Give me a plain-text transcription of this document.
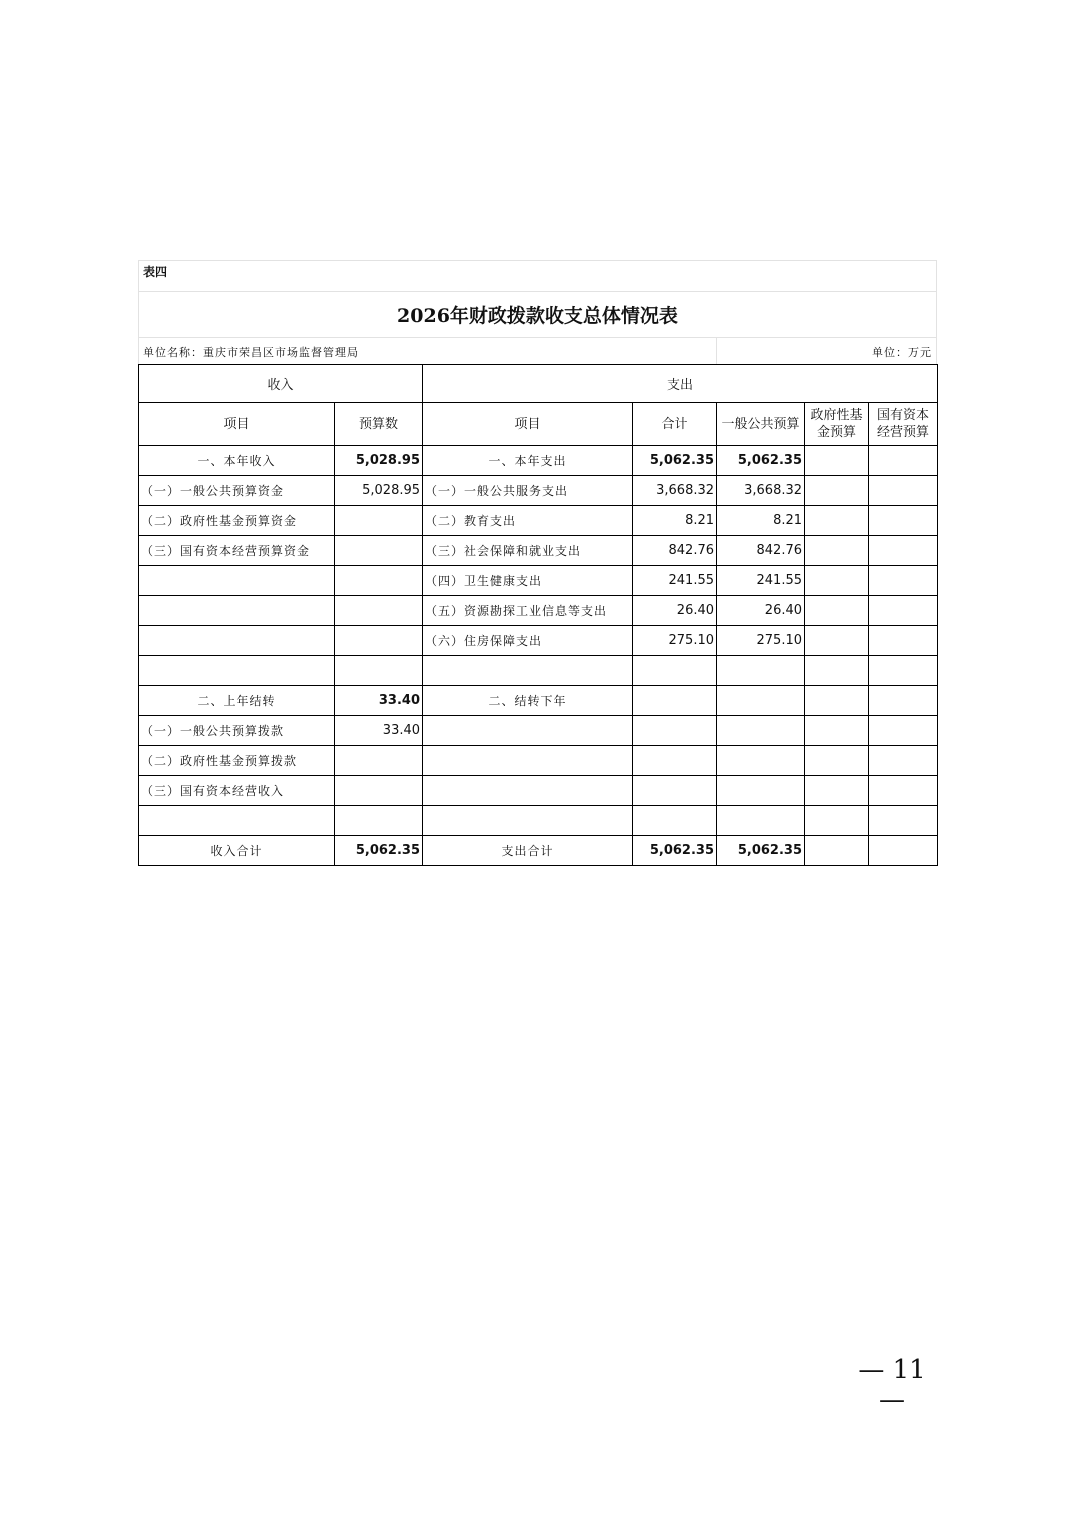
表四
2026年财政拨款收支总体情况表
单位名称：重庆市荣昌区市场监督管理局	单位：万元
收入		支出				
项目	预算数	项目	合计	一般公共预算	政府性基金预算	国有资本经营预算
一、本年收入	5,028.95	一、本年支出	5,062.35	5,062.35		
（一）一般公共预算资金	5,028.95	（一）一般公共服务支出	3,668.32	3,668.32		
（二）政府性基金预算资金		（二）教育支出	8.21	8.21		
（三）国有资本经营预算资金		（三）社会保障和就业支出	842.76	842.76		
		（四）卫生健康支出	241.55	241.55		
		（五）资源勘探工业信息等支出	26.40	26.40		
		（六）住房保障支出	275.10	275.10		

二、上年结转	33.40	二、结转下年				
（一）一般公共预算拨款	33.40					
（二）政府性基金预算拨款						
（三）国有资本经营收入						

收入合计	5,062.35	支出合计	5,062.35	5,062.35		
— 11 —
